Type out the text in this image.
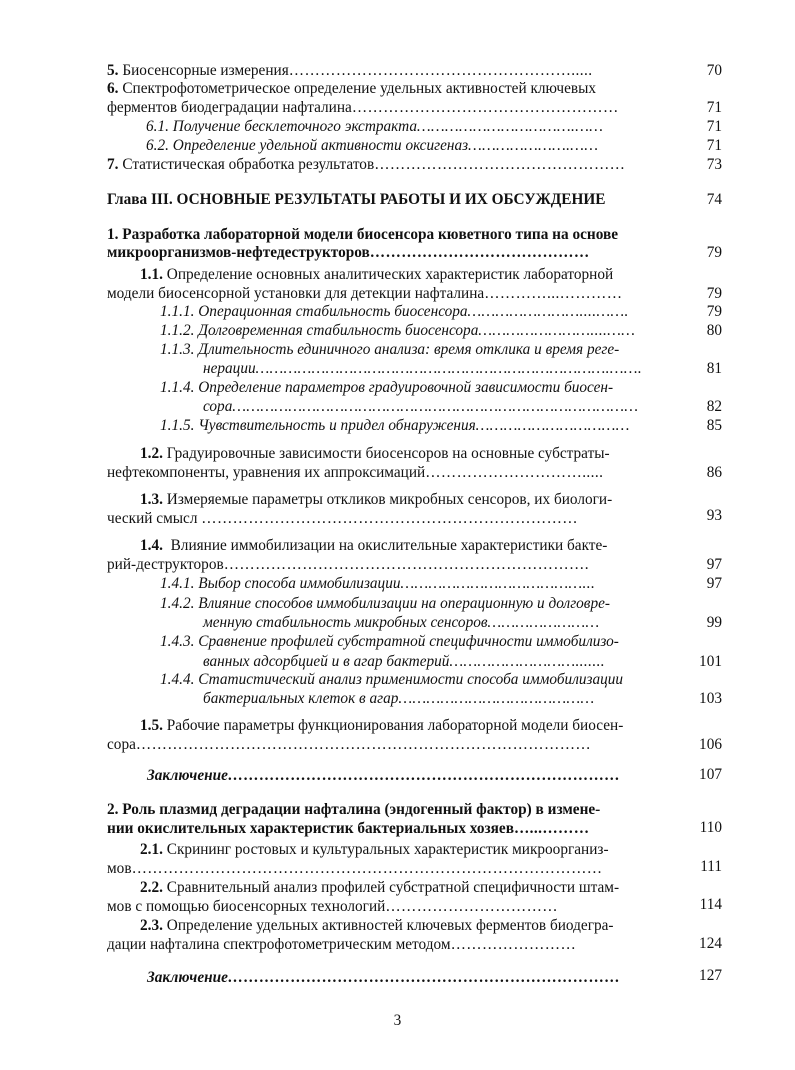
5. Биосенсорные измерения……………………………………………….....	70
6. Спектрофотометрическое определение удельных активностей ключевых
ферментов биодеградации нафталина……………………………………………	71
6.1. Получение бесклеточного экстракта…………………………….……	71
6.2. Определение удельной активности оксигеназ………………….……	71
7. Статистическая обработка результатов…………………………………………	73
Глава III. ОСНОВНЫЕ РЕЗУЛЬТАТЫ РАБОТЫ И ИХ ОБСУЖДЕНИЕ	74
1. Разработка лабораторной модели биосенсора кюветного типа на основе
микроорганизмов-нефтедеструкторов……………………………………	79
1.1. Определение основных аналитических характеристик лабораторной
модели биосенсорной установки для детекции нафталина…………...…………	79
1.1.1. Операционная стабильность биосенсора……………………....…….	79
1.1.2. Долговременная стабильность биосенсора……………………....……	80
1.1.3. Длительность единичного анализа: время отклика и время реге-
нерации………………………………………………………………….…….	81
1.1.4. Определение параметров градуировочной зависимости биосен-
сора……………………………………………………………………………	82
1.1.5. Чувствительность и придел обнаружения……………………………	85
1.2. Градуировочные зависимости биосенсоров на основные субстраты-
нефтекомпоненты, уравнения их аппроксимаций………………………….....	86
1.3. Измеряемые параметры откликов микробных сенсоров, их биологи-
ческий смысл ………………………………………………………………	93
1.4. Влияние иммобилизации на окислительные характеристики бакте-
рий-деструкторов…………………………………………………………….	97
1.4.1. Выбор способа иммобилизации…………………………………...	97
1.4.2. Влияние способов иммобилизации на операционную и долговре-
менную стабильность микробных сенсоров……………………	99
1.4.3. Сравнение профилей субстратной специфичности иммобилизо-
ванных адсорбцией и в агар бактерий……………………….......	101
1.4.4. Статистический анализ применимости способа иммобилизации
бактериальных клеток в агар……………………………………	103
1.5. Рабочие параметры функционирования лабораторной модели биосен-
сора……………………………………………………………………………	106
Заключение…………………………………………………………………	107
2. Роль плазмид деградации нафталина (эндогенный фактор) в измене-
нии окислительных характеристик бактериальных хозяев…...………	110
2.1. Скрининг ростовых и культуральных характеристик микроорганиз-
мов………………………………………………………………………………	111
2.2. Сравнительный анализ профилей субстратной специфичности штам-
мов с помощью биосенсорных технологий……………………………	114
2.3. Определение удельных активностей ключевых ферментов биодегра-
дации нафталина спектрофотометрическим методом……………………	124
Заключение…………………………………………………………………	127
3
